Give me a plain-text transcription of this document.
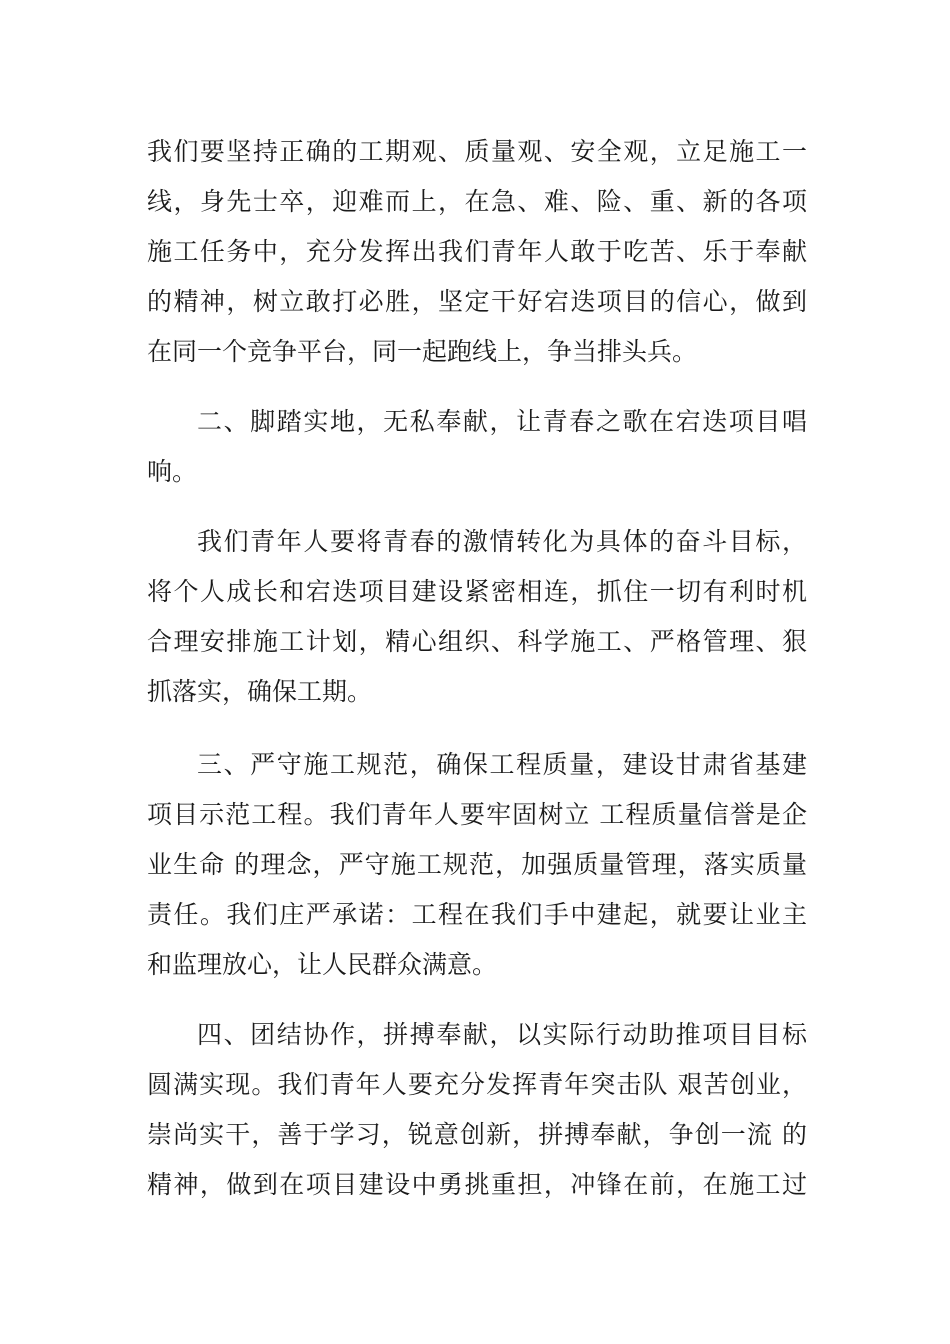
我们要坚持正确的工期观、质量观、安全观，立足施工一
线，身先士卒，迎难而上，在急、难、险、重、新的各项
施工任务中，充分发挥出我们青年人敢于吃苦、乐于奉献
的精神，树立敢打必胜，坚定干好宕迭项目的信心，做到
在同一个竞争平台，同一起跑线上，争当排头兵。
二、脚踏实地，无私奉献，让青春之歌在宕迭项目唱
响。
我们青年人要将青春的激情转化为具体的奋斗目标，
将个人成长和宕迭项目建设紧密相连，抓住一切有利时机
合理安排施工计划，精心组织、科学施工、严格管理、狠
抓落实，确保工期。
三、严守施工规范，确保工程质量，建设甘肃省基建
项目示范工程。我们青年人要牢固树立 工程质量信誉是企
业生命 的理念，严守施工规范，加强质量管理，落实质量
责任。我们庄严承诺：工程在我们手中建起，就要让业主
和监理放心，让人民群众满意。
四、团结协作，拼搏奉献，以实际行动助推项目目标
圆满实现。我们青年人要充分发挥青年突击队 艰苦创业，
崇尚实干，善于学习，锐意创新，拼搏奉献，争创一流 的
精神，做到在项目建设中勇挑重担，冲锋在前，在施工过
